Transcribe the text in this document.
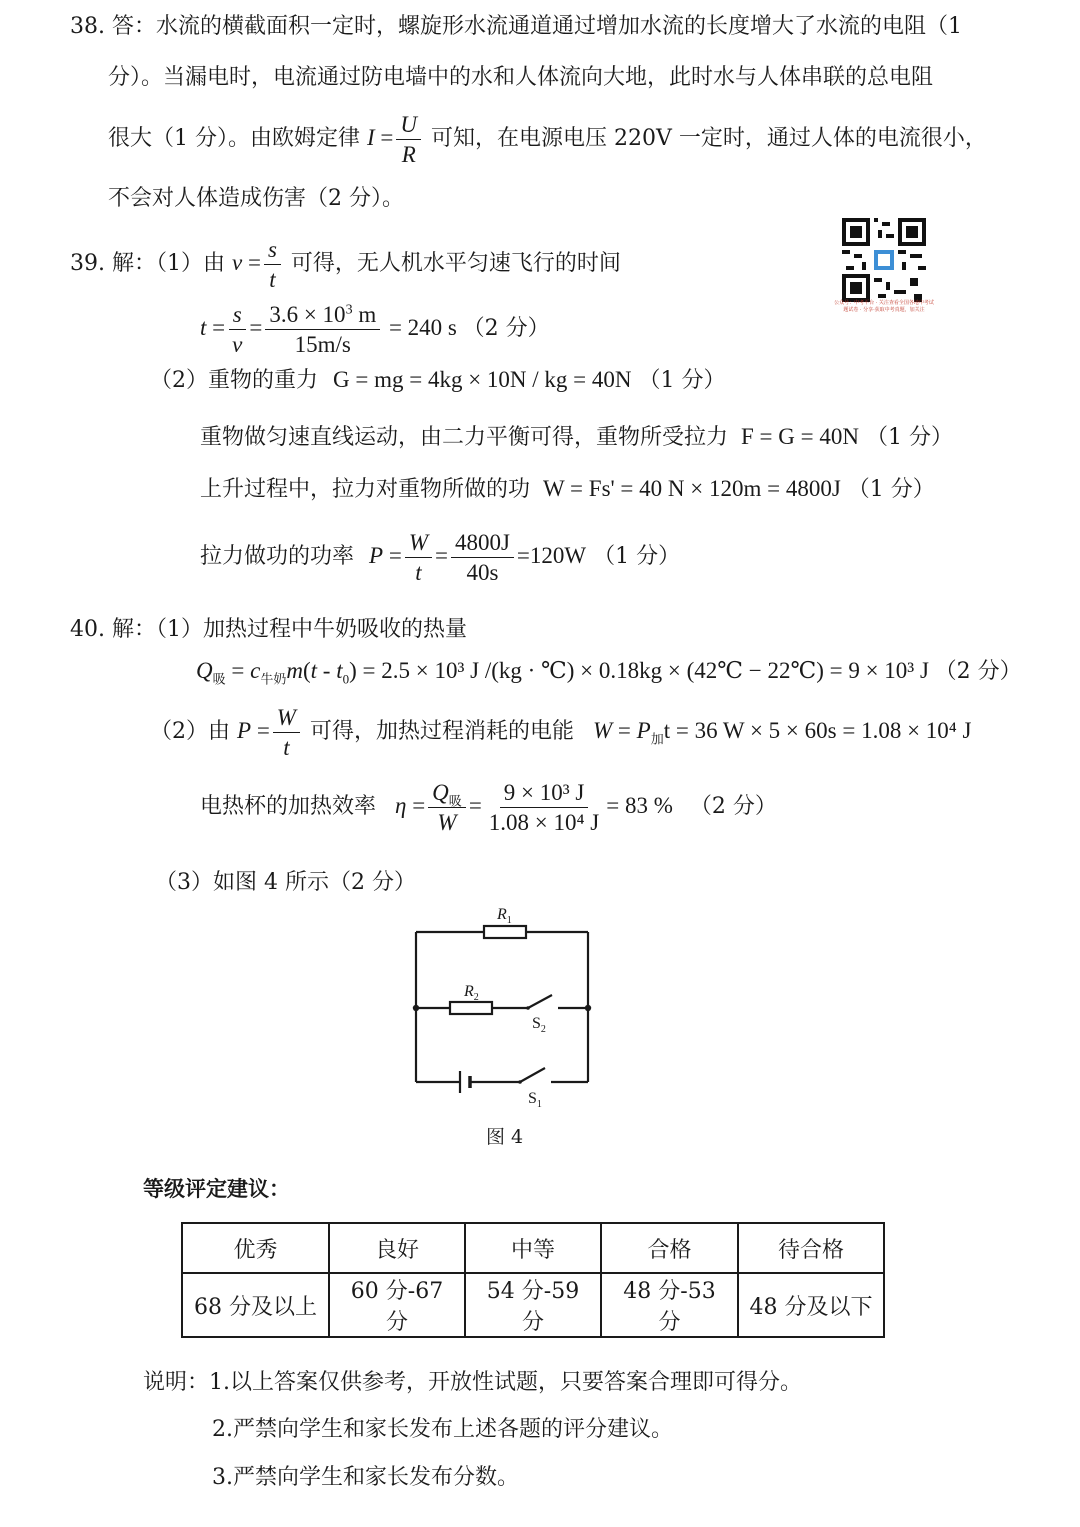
38. 答：水流的横截面积一定时，螺旋形水流通道通过增加水流的长度增大了水流的电阻（1
分）。当漏电时，电流通过防电墙中的水和人体流向大地，此时水与人体串联的总电阻
很大（1 分）。由欧姆定律 $I = \frac{U}{R}$ 可知，在电源电压 220V 一定时，通过人体的电流很小，
不会对人体造成伤害（2 分）。
公众号：中考平台 · 关注查看全国各地中考试题试卷 · 分享·获取中考真题，加关注
39. 解：（1）由 $v = \frac{s}{t}$ 可得，无人机水平匀速飞行的时间
$t = \frac{s}{v} = \frac{3.6 \times 10^3 m}{15m/s} = 240$ s （2 分）
（2）重物的重力 G = mg = 4kg × 10N / kg = 40N （1 分）
重物做匀速直线运动，由二力平衡可得，重物所受拉力 F = G = 40N （1 分）
上升过程中，拉力对重物所做的功 W = Fs' = 40 N × 120m = 4800J （1 分）
拉力做功的功率 $P = \frac{W}{t} = \frac{4800J}{40s} =120W$ （1 分）
40. 解：（1）加热过程中牛奶吸收的热量
$Q_吸 = c_{牛奶}m(t - t_0) = 2.5 \times 10^3$ J /(kg · ℃) × 0.18kg × (42℃ − 22℃) = 9 × 10³ J （2 分）
（2）由 $P = \frac{W}{t}$ 可得，加热过程消耗的电能 $W = P_加t = 36$ W × 5 × 60s = 1.08 × 10⁴ J
电热杯的加热效率 $\eta = \frac{Q_吸}{W} = \frac{\text{9 × 10³ J}}{\text{1.08 × 10⁴ J}} = 83$ % （2 分）
（3）如图 4 所示（2 分）
$R_1$
$R_2$
$S_2$
$S_1$
图 4
等级评定建议：
优秀	良好	中等	合格	待合格
68 分及以上	60 分-67 分	54 分-59 分	48 分-53 分	48 分及以下
说明：1.以上答案仅供参考，开放性试题，只要答案合理即可得分。
2.严禁向学生和家长发布上述各题的评分建议。
3.严禁向学生和家长发布分数。
